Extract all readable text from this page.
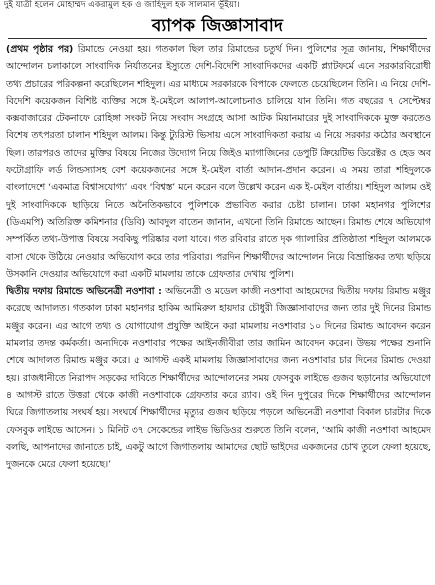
দুই যাত্রী হলেন মোহাম্মদ একরামুল হক ও জাহিদুল হক সালমান ভূঁইয়া।
ব্যাপক জিজ্ঞাসাবাদ

(প্রথম পৃষ্ঠার পর) রিমান্ডে নেওয়া হয়। গতকাল ছিল তার রিমান্ডের চতুর্থ দিন। পুলিশের সূত্র জানায়, শিক্ষার্থীদের আন্দোলন চলাকালে সাংবাদিক নির্যাতনের ইস্যুতে দেশি-বিদেশি সাংবাদিকদের একটি প্ল্যাটফর্মে এনে সরকারবিরোধী তথ্য প্রচারের পরিকল্পনা করেছিলেন শহিদুল। এর মাধ্যমে সরকারকে বিপাকে ফেলতে চেয়েছিলেন তিনি। এ নিয়ে দেশি-বিদেশি কয়েকজন বিশিষ্ট ব্যক্তির সঙ্গে ই-মেইলে আলাপ-আলোচনাও চালিয়ে যান তিনি। গত বছরের ৭ সেপ্টেম্বর কক্সবাজারের টেকনাফে রোহিঙ্গা সংকট নিয়ে সংবাদ সংগ্রহে আসা আটক মিয়ানমারের দুই সাংবাদিককে মুক্ত করতেও বিশেষ তৎপরতা চালান শহিদুল আলম। কিন্তু ট্যুরিস্ট ভিসায় এসে সাংবাদিকতা করায় এ নিয়ে সরকার কঠোর অবস্থানে ছিল। তারপরও তাদের মুক্তির বিষয়ে নিজের উদ্যোগ নিয়ে জিইও ম্যাগাজিনের ডেপুটি ক্রিয়েটিভ ডিরেক্টর ও হেড অব ফটোগ্রাফি লর্ড লিন্ডস্যাসহ বেশ কয়েকজনের সঙ্গে ই-মেইল বার্তা আদান-প্রদান করেন। এ সময় তারা শহিদুলকে বাংলাদেশে ‘একমাত্র বিশ্বাসযোগ্য’ এবং ‘বিশ্বস্ত’ মনে করেন বলে উল্লেখ করেন এক ই-মেইল বার্তায়। শহিদুল আলম ওই দুই সাংবাদিককে ছাড়িয়ে নিতে অনৈতিকভাবে পুলিশকে প্রভাবিত করার চেষ্টা চালান। ঢাকা মহানগর পুলিশের (ডিএমপি) অতিরিক্ত কমিশনার (ডিবি) আবদুল বাতেন জানান, এখনো তিনি রিমান্ডে আছেন। রিমান্ড শেষে অভিযোগ সম্পর্কিত তথ্য-উপাত্ত বিষয়ে সবকিছু পরিষ্কার বলা যাবে। গত রবিবার রাতে দৃক গ্যালারির প্রতিষ্ঠাতা শহিদুল আলমকে বাসা থেকে উঠিয়ে নেওয়ার অভিযোগ করে তার পরিবার। পরদিন শিক্ষার্থীদের আন্দোলন নিয়ে বিভ্রান্তিকর তথ্য ছড়িয়ে উসকানি দেওয়ার অভিযোগে করা একটি মামলায় তাকে গ্রেফতার দেখায় পুলিশ।

দ্বিতীয় দফায় রিমান্ডে অভিনেত্রী নওশাবা : অভিনেত্রী ও মডেল কাজী নওশাবা আহমেদের দ্বিতীয় দফায় রিমান্ড মঞ্জুর করেছে আদালত। গতকাল ঢাকা মহানগর হাকিম আমিরুল হায়দার চৌধুরী জিজ্ঞাসাবাদের জন্য তার দুই দিনের রিমান্ড মঞ্জুর করেন। এর আগে তথ্য ও যোগাযোগ প্রযুক্তি আইনে করা মামলায় নওশাবার ১০ দিনের রিমান্ড আবেদন করেন মামলার তদন্ত কর্মকর্তা। অন্যদিকে নওশাবার পক্ষের আইনজীবীরা তার জামিন আবেদন করেন। উভয় পক্ষের শুনানি শেষে আদালত রিমান্ড মঞ্জুর করে। ৫ আগস্ট একই মামলায় জিজ্ঞাসাবাদের জন্য নওশাবার চার দিনের রিমান্ড দেওয়া হয়। রাজধানীতে নিরাপদ সড়কের দাবিতে শিক্ষার্থীদের আন্দোলনের সময় ফেসবুক লাইভে গুজব ছড়ানোর অভিযোগে ৪ আগস্ট রাতে উত্তরা থেকে কাজী নওশাবাকে গ্রেফতার করে র‌্যাব। ওই দিন দুপুরের দিকে শিক্ষার্থীদের আন্দোলন ঘিরে জিগাতলায় সংঘর্ষ হয়। সংঘর্ষে শিক্ষার্থীদের মৃত্যুর গুজব ছড়িয়ে পড়লে অভিনেত্রী নওশাবা বিকাল চারটার দিকে ফেসবুক লাইভে আসেন। ১ মিনিট ৩৭ সেকেন্ডের লাইভ ভিডিওর শুরুতে তিনি বলেন, ‘আমি কাজী নওশাবা আহমেদ বলছি, আপনাদের জানাতে চাই, একটু আগে জিগাতলায় আমাদের ছোট ভাইদের একজনের চোখ তুলে ফেলা হয়েছে, দুজনকে মেরে ফেলা হয়েছে।’
